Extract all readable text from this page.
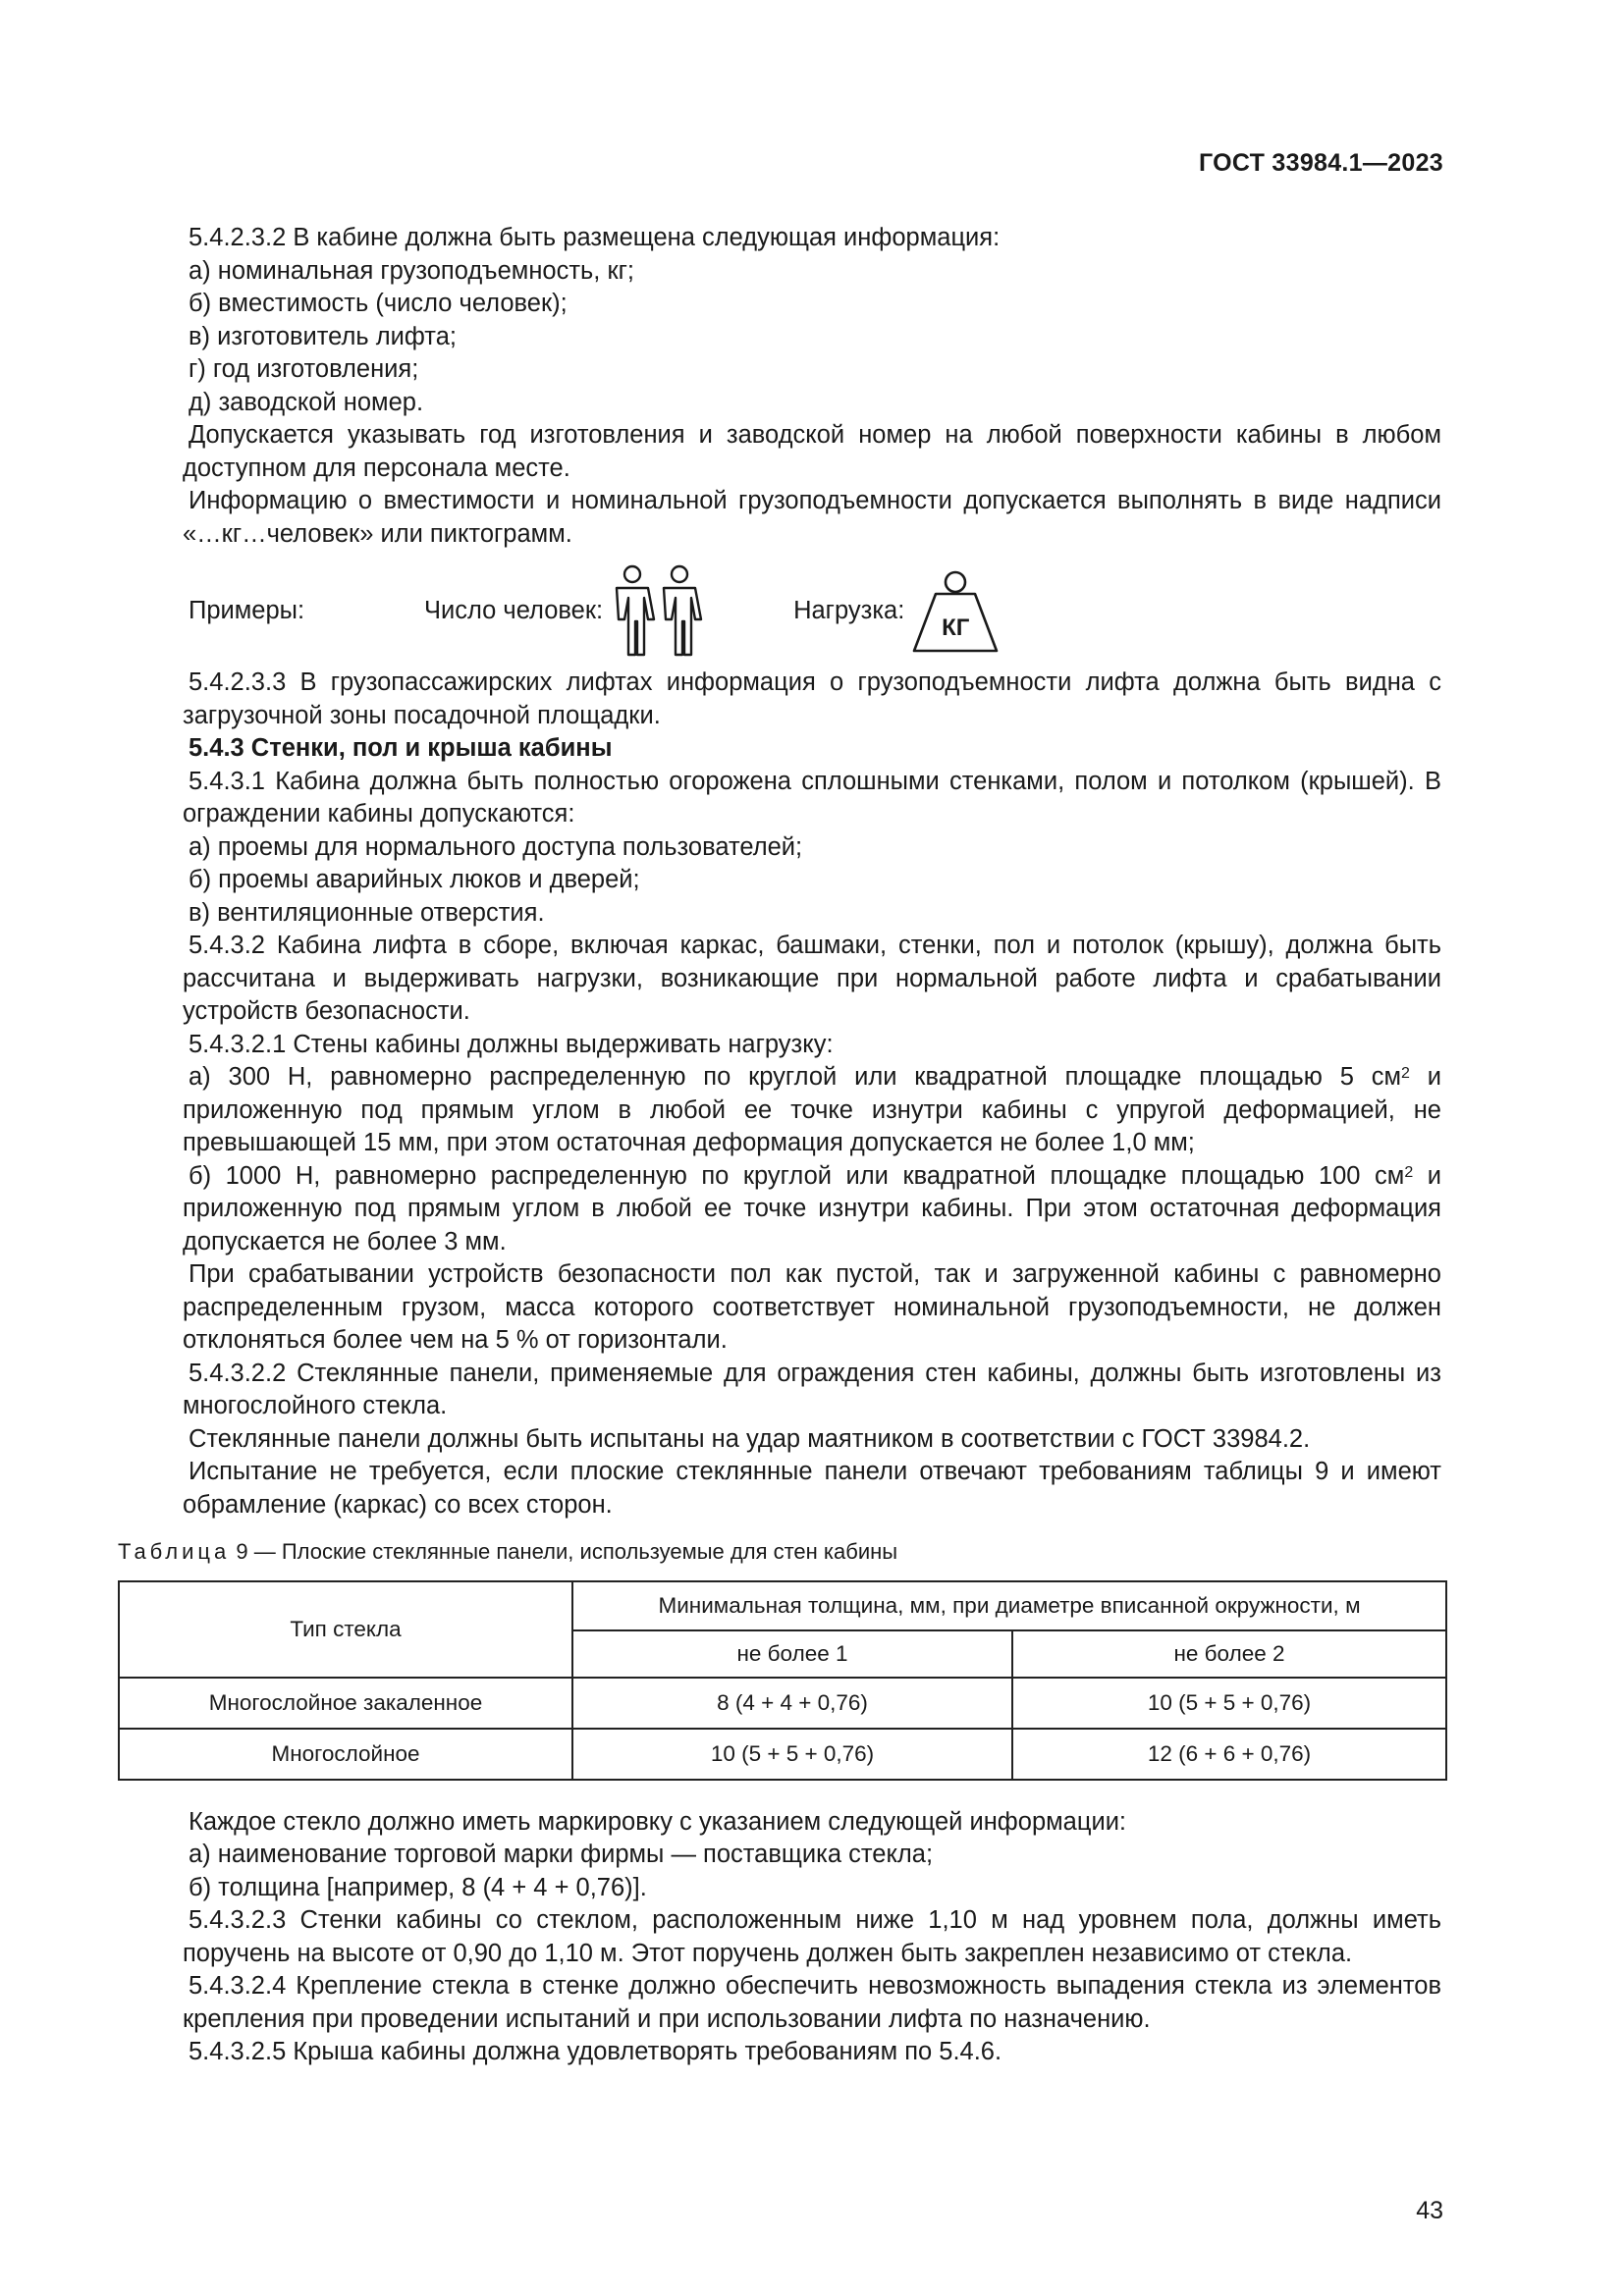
ГОСТ 33984.1—2023

5.4.2.3.2 В кабине должна быть размещена следующая информация:

а) номинальная грузоподъемность, кг;

б) вместимость (число человек);

в) изготовитель лифта;

г) год изготовления;

д) заводской номер.

Допускается указывать год изготовления и заводской номер на любой поверхности кабины в любом доступном для персонала месте.

Информацию о вместимости и номинальной грузоподъемности допускается выполнять в виде надписи «…кг…человек» или пиктограмм.

Примеры:	Число человек:	Нагрузка:
КГ

5.4.2.3.3 В грузопассажирских лифтах информация о грузоподъемности лифта должна быть видна с загрузочной зоны посадочной площадки.

5.4.3 Стенки, пол и крыша кабины

5.4.3.1 Кабина должна быть полностью огорожена сплошными стенками, полом и потолком (крышей). В ограждении кабины допускаются:

а) проемы для нормального доступа пользователей;

б) проемы аварийных люков и дверей;

в) вентиляционные отверстия.

5.4.3.2 Кабина лифта в сборе, включая каркас, башмаки, стенки, пол и потолок (крышу), должна быть рассчитана и выдерживать нагрузки, возникающие при нормальной работе лифта и срабатывании устройств безопасности.

5.4.3.2.1 Стены кабины должны выдерживать нагрузку:

а) 300 Н, равномерно распределенную по круглой или квадратной площадке площадью 5 $см^2$ и приложенную под прямым углом в любой ее точке изнутри кабины с упругой деформацией, не превышающей 15 мм, при этом остаточная деформация допускается не более 1,0 мм;

б) 1000 Н, равномерно распределенную по круглой или квадратной площадке площадью 100 $см^2$ и приложенную под прямым углом в любой ее точке изнутри кабины. При этом остаточная деформация допускается не более 3 мм.

При срабатывании устройств безопасности пол как пустой, так и загруженной кабины с равномерно распределенным грузом, масса которого соответствует номинальной грузоподъемности, не должен отклоняться более чем на 5 % от горизонтали.

5.4.3.2.2 Стеклянные панели, применяемые для ограждения стен кабины, должны быть изготовлены из многослойного стекла.

Стеклянные панели должны быть испытаны на удар маятником в соответствии с ГОСТ 33984.2.

Испытание не требуется, если плоские стеклянные панели отвечают требованиям таблицы 9 и имеют обрамление (каркас) со всех сторон.

Таблица 9 — Плоские стеклянные панели, используемые для стен кабины
Тип стекла	Минимальная толщина, мм, при диаметре вписанной окружности, м	
	не более 1	не более 2
Многослойное закаленное	8 (4 + 4 + 0,76)	10 (5 + 5 + 0,76)
Многослойное	10 (5 + 5 + 0,76)	12 (6 + 6 + 0,76)

Каждое стекло должно иметь маркировку с указанием следующей информации:

а) наименование торговой марки фирмы — поставщика стекла;

б) толщина [например, 8 (4 + 4 + 0,76)].

5.4.3.2.3 Стенки кабины со стеклом, расположенным ниже 1,10 м над уровнем пола, должны иметь поручень на высоте от 0,90 до 1,10 м. Этот поручень должен быть закреплен независимо от стекла.

5.4.3.2.4 Крепление стекла в стенке должно обеспечить невозможность выпадения стекла из элементов крепления при проведении испытаний и при использовании лифта по назначению.

5.4.3.2.5 Крыша кабины должна удовлетворять требованиям по 5.4.6.

43
